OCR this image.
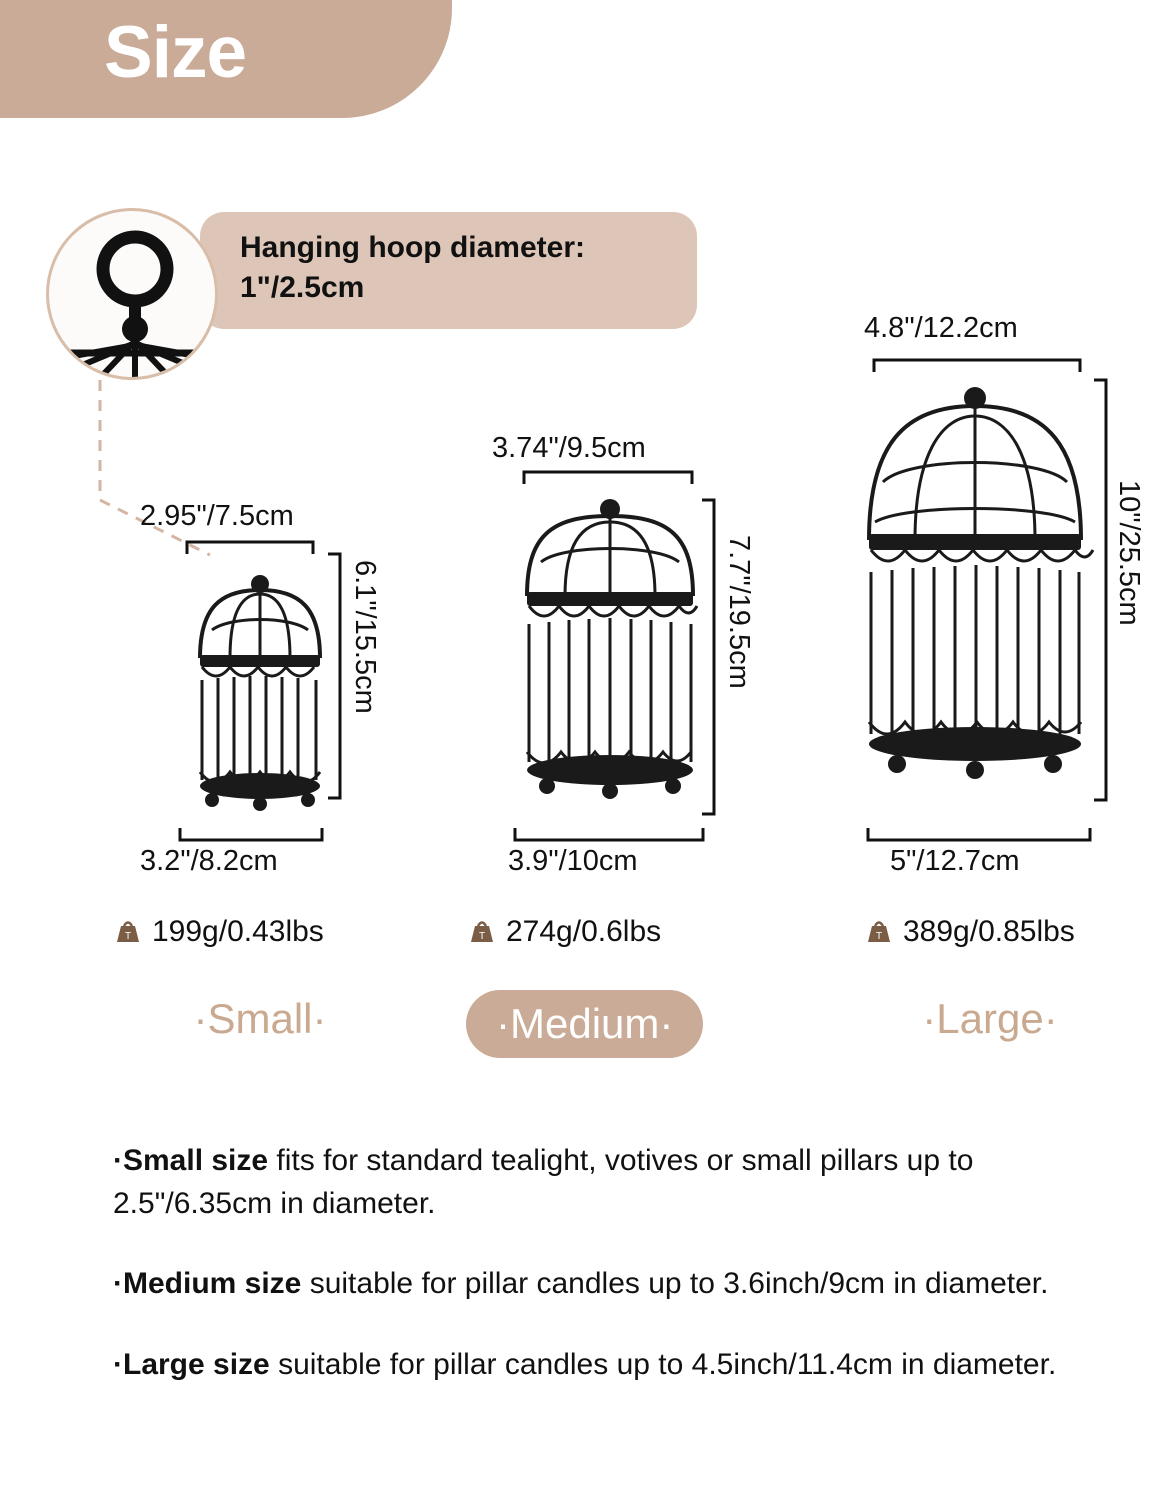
Size
Hanging hoop diameter:
1"/2.5cm
2.95"/7.5cm
6.1"/15.5cm
3.2"/8.2cm
T 199g/0.43lbs
·Small·
3.74"/9.5cm
7.7"/19.5cm
3.9"/10cm
T 274g/0.6lbs
·Medium·
4.8"/12.2cm
10"/25.5cm
5"/12.7cm
T 389g/0.85lbs
·Large·
·Small size fits for standard tealight, votives or small pillars up to 2.5"/6.35cm in diameter.
·Medium size suitable for pillar candles up to 3.6inch/9cm in diameter.
·Large size suitable for pillar candles up to 4.5inch/11.4cm in diameter.
